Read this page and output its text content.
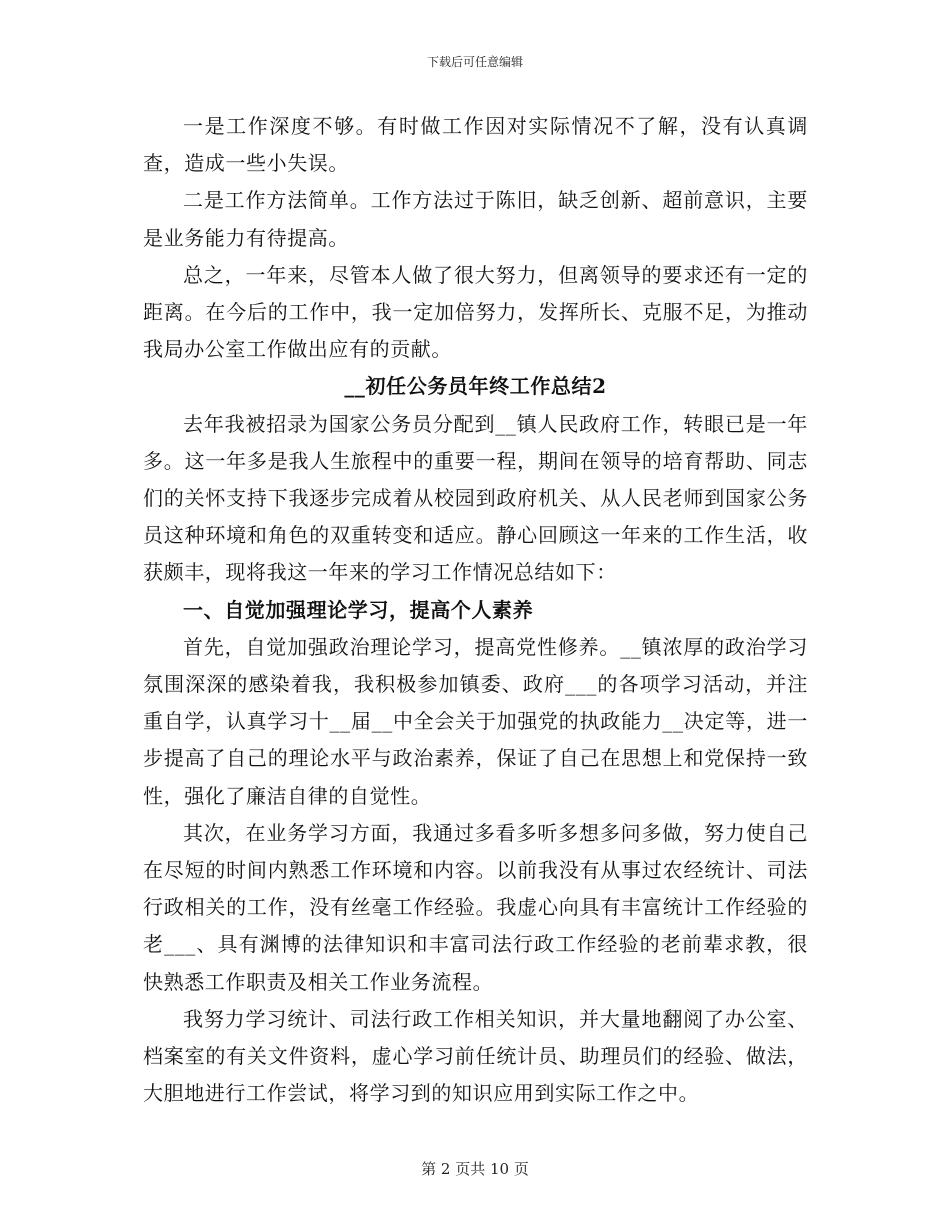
下载后可任意编辑

一是工作深度不够。有时做工作因对实际情况不了解，没有认真调查，造成一些小失误。

二是工作方法简单。工作方法过于陈旧，缺乏创新、超前意识，主要是业务能力有待提高。

总之，一年来，尽管本人做了很大努力，但离领导的要求还有一定的距离。在今后的工作中，我一定加倍努力，发挥所长、克服不足，为推动我局办公室工作做出应有的贡献。

__初任公务员年终工作总结2

去年我被招录为国家公务员分配到__镇人民政府工作，转眼已是一年多。这一年多是我人生旅程中的重要一程，期间在领导的培育帮助、同志们的关怀支持下我逐步完成着从校园到政府机关、从人民老师到国家公务员这种环境和角色的双重转变和适应。静心回顾这一年来的工作生活，收获颇丰，现将我这一年来的学习工作情况总结如下：

一、自觉加强理论学习，提高个人素养

首先，自觉加强政治理论学习，提高党性修养。__镇浓厚的政治学习氛围深深的感染着我，我积极参加镇委、政府___的各项学习活动，并注重自学，认真学习十__届__中全会关于加强党的执政能力__决定等，进一步提高了自己的理论水平与政治素养，保证了自己在思想上和党保持一致性，强化了廉洁自律的自觉性。

其次，在业务学习方面，我通过多看多听多想多问多做，努力使自己在尽短的时间内熟悉工作环境和内容。以前我没有从事过农经统计、司法行政相关的工作，没有丝毫工作经验。我虚心向具有丰富统计工作经验的老___、具有渊博的法律知识和丰富司法行政工作经验的老前辈求教，很快熟悉工作职责及相关工作业务流程。

我努力学习统计、司法行政工作相关知识，并大量地翻阅了办公室、档案室的有关文件资料，虚心学习前任统计员、助理员们的经验、做法，大胆地进行工作尝试，将学习到的知识应用到实际工作之中。

第 2 页共 10 页
